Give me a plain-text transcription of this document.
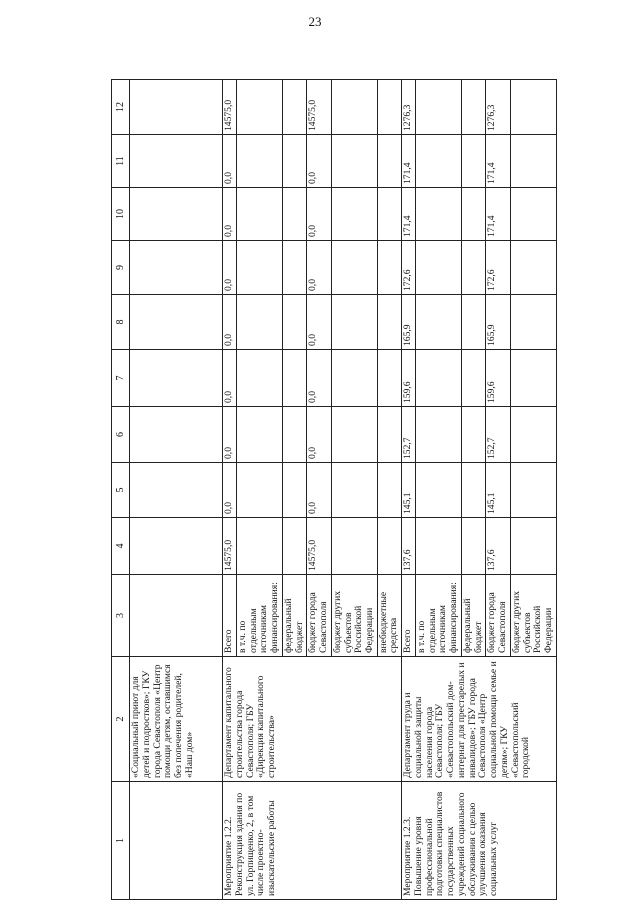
23
1	2	3	4	5	6	7	8	9	10	11	12
	«Социальный приют для детей и подростков»; ГКУ города Севастополя «Центр помощи детям, оставшимся без попечения родителей, «Наш дом»										
Мероприятие 1.2.2. Реконструкция здания по ул. Горпищенко, 2, в том числе проектно-изыскательские работы	Департамент капитального строительства города Севастополя; ГБУ «Дирекция капитального строительства»	Всего	14575,0	0,0	0,0	0,0	0,0	0,0	0,0	0,0	14575,0
		в т.ч. по отдельным источникам финансирования:									
		федеральный бюджет									
		бюджет города Севастополя	14575,0	0,0	0,0	0,0	0,0	0,0	0,0	0,0	14575,0
		бюджет других субъектов Российской Федерации									
		внебюджетные средства									
Мероприятие 1.2.3. Повышение уровня профессиональной подготовки специалистов государственных учреждений социального обслуживания с целью улучшения оказания социальных услуг	Департамент труда и социальной защиты населения города Севастополя; ГБУ «Севастопольский дом-интернат для престарелых и инвалидов»; ГБУ города Севастополя «Центр социальной помощи семье и детям»; ГКУ «Севастопольский городской	Всего	137,6	145,1	152,7	159,6	165,9	172,6	171,4	171,4	1276,3
		в т.ч. по отдельным источникам финансирования:									
		федеральный бюджет									
		бюджет города Севастополя	137,6	145,1	152,7	159,6	165,9	172,6	171,4	171,4	1276,3
		бюджет других субъектов Российской Федерации									
